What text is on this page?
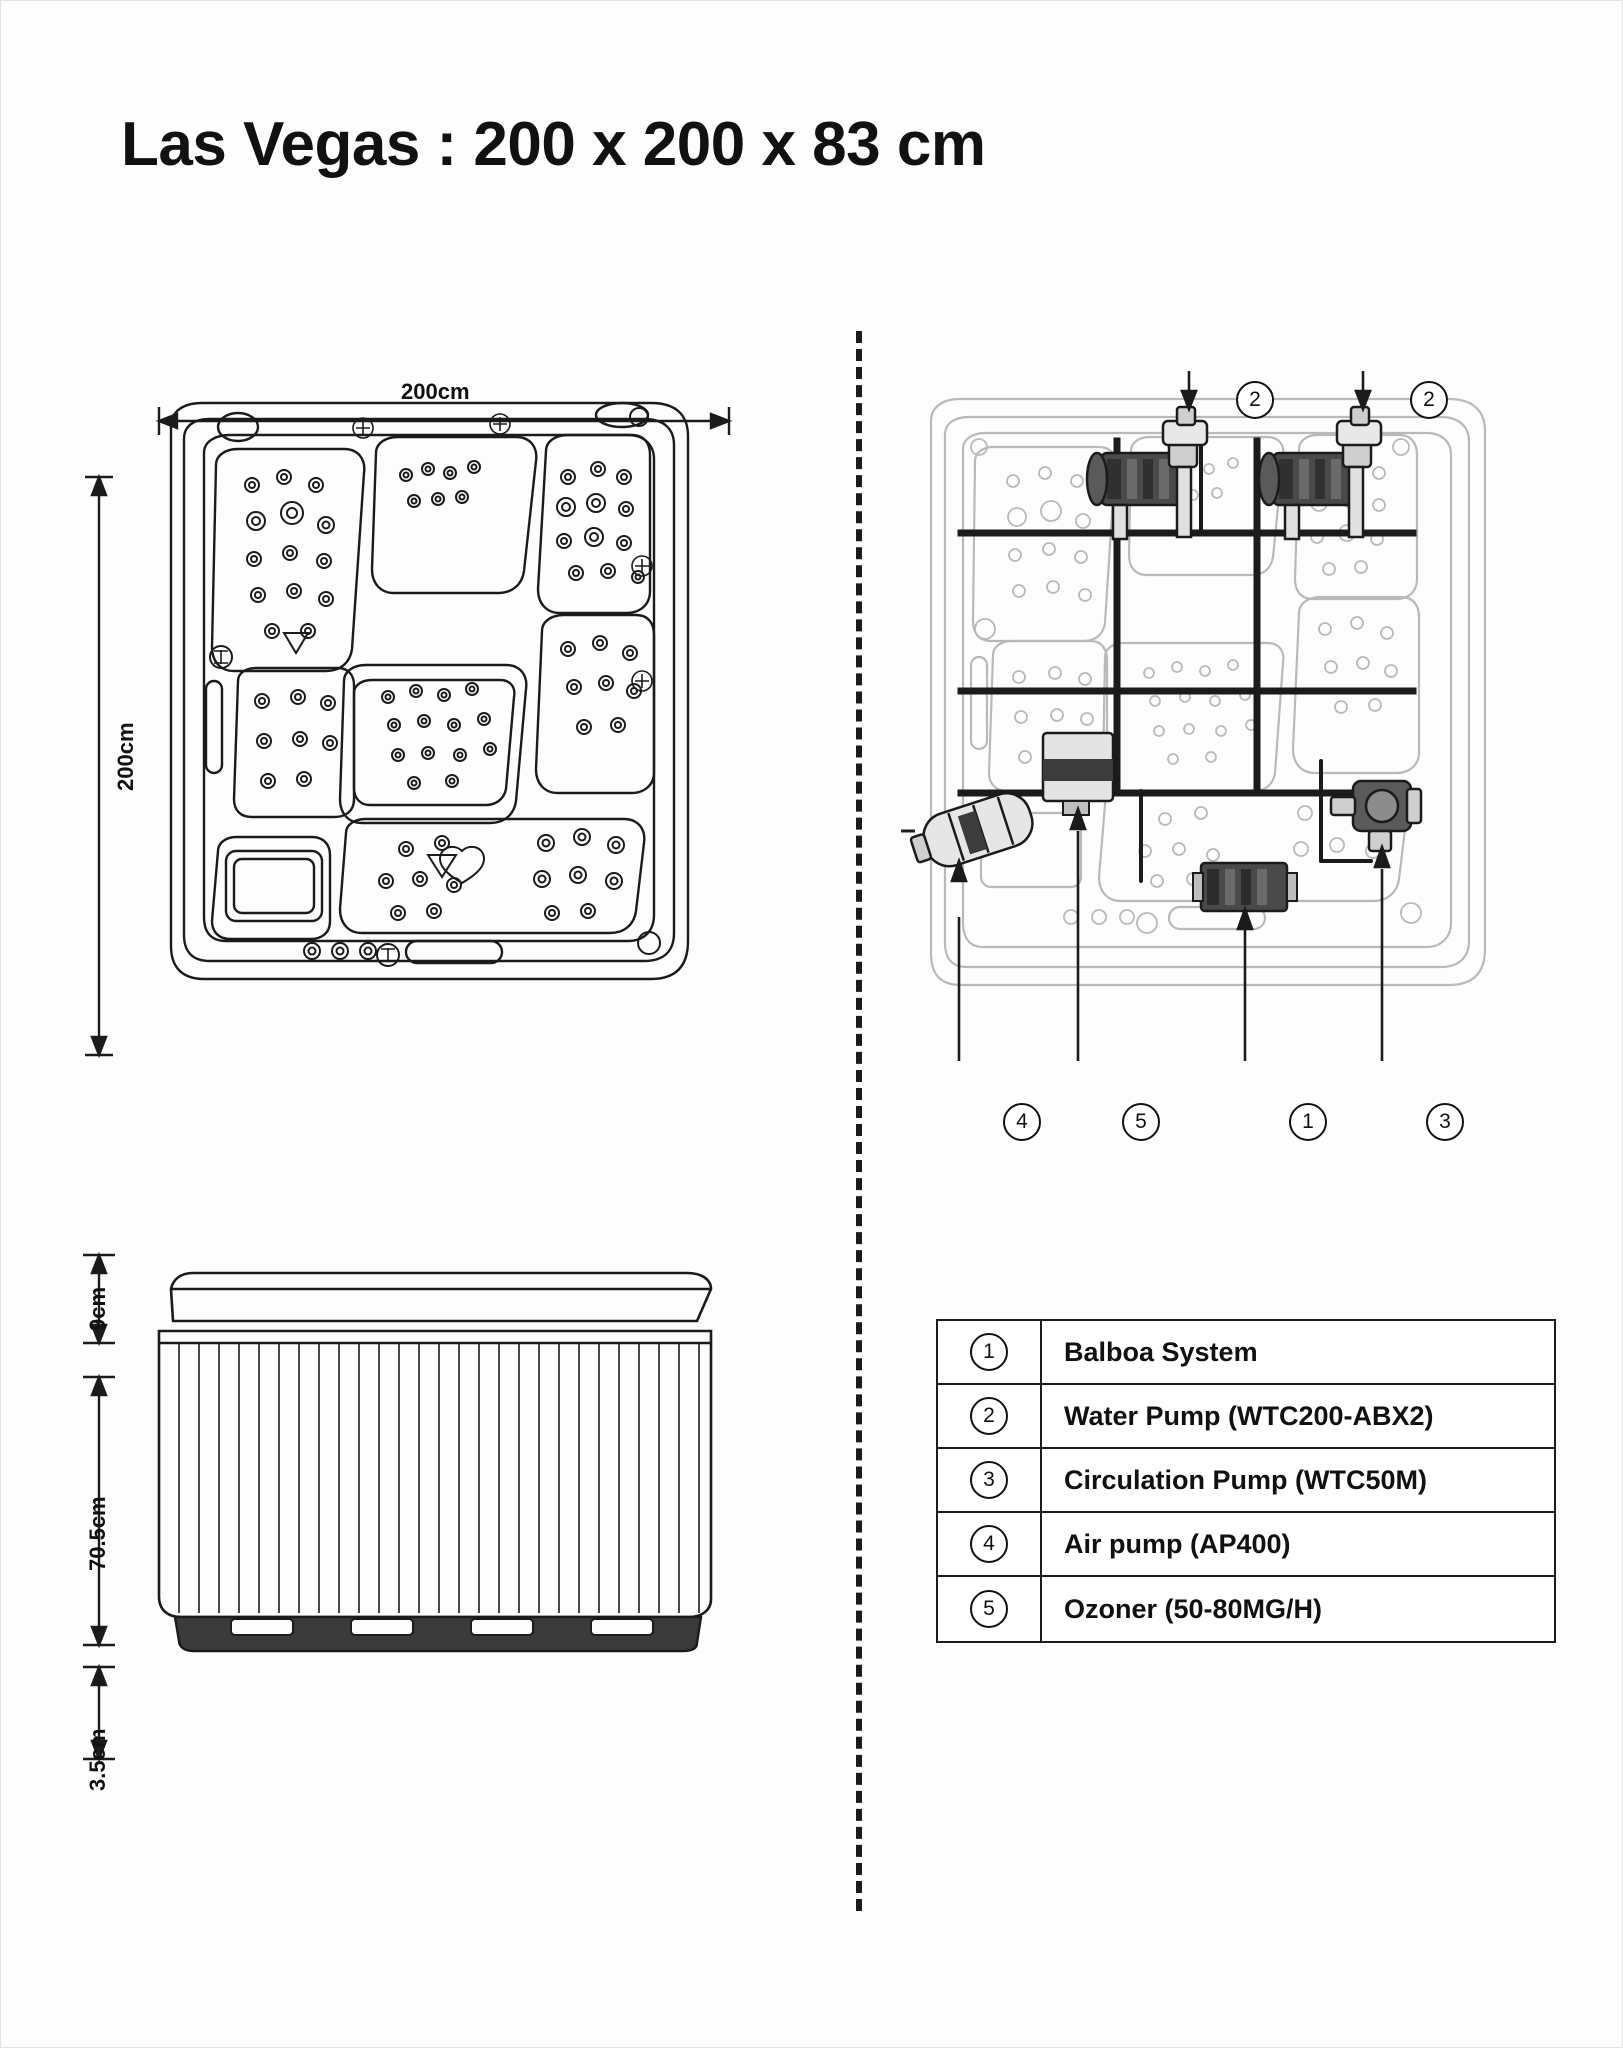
Las Vegas : 200 x 200 x 83 cm
200cm
200cm
2	2
4	5	1	3
9cm
70.5cm
3.5cm
1	Balboa System
2	Water Pump (WTC200-ABX2)
3	Circulation Pump (WTC50M)
4	Air pump (AP400)
5	Ozoner (50-80MG/H)
